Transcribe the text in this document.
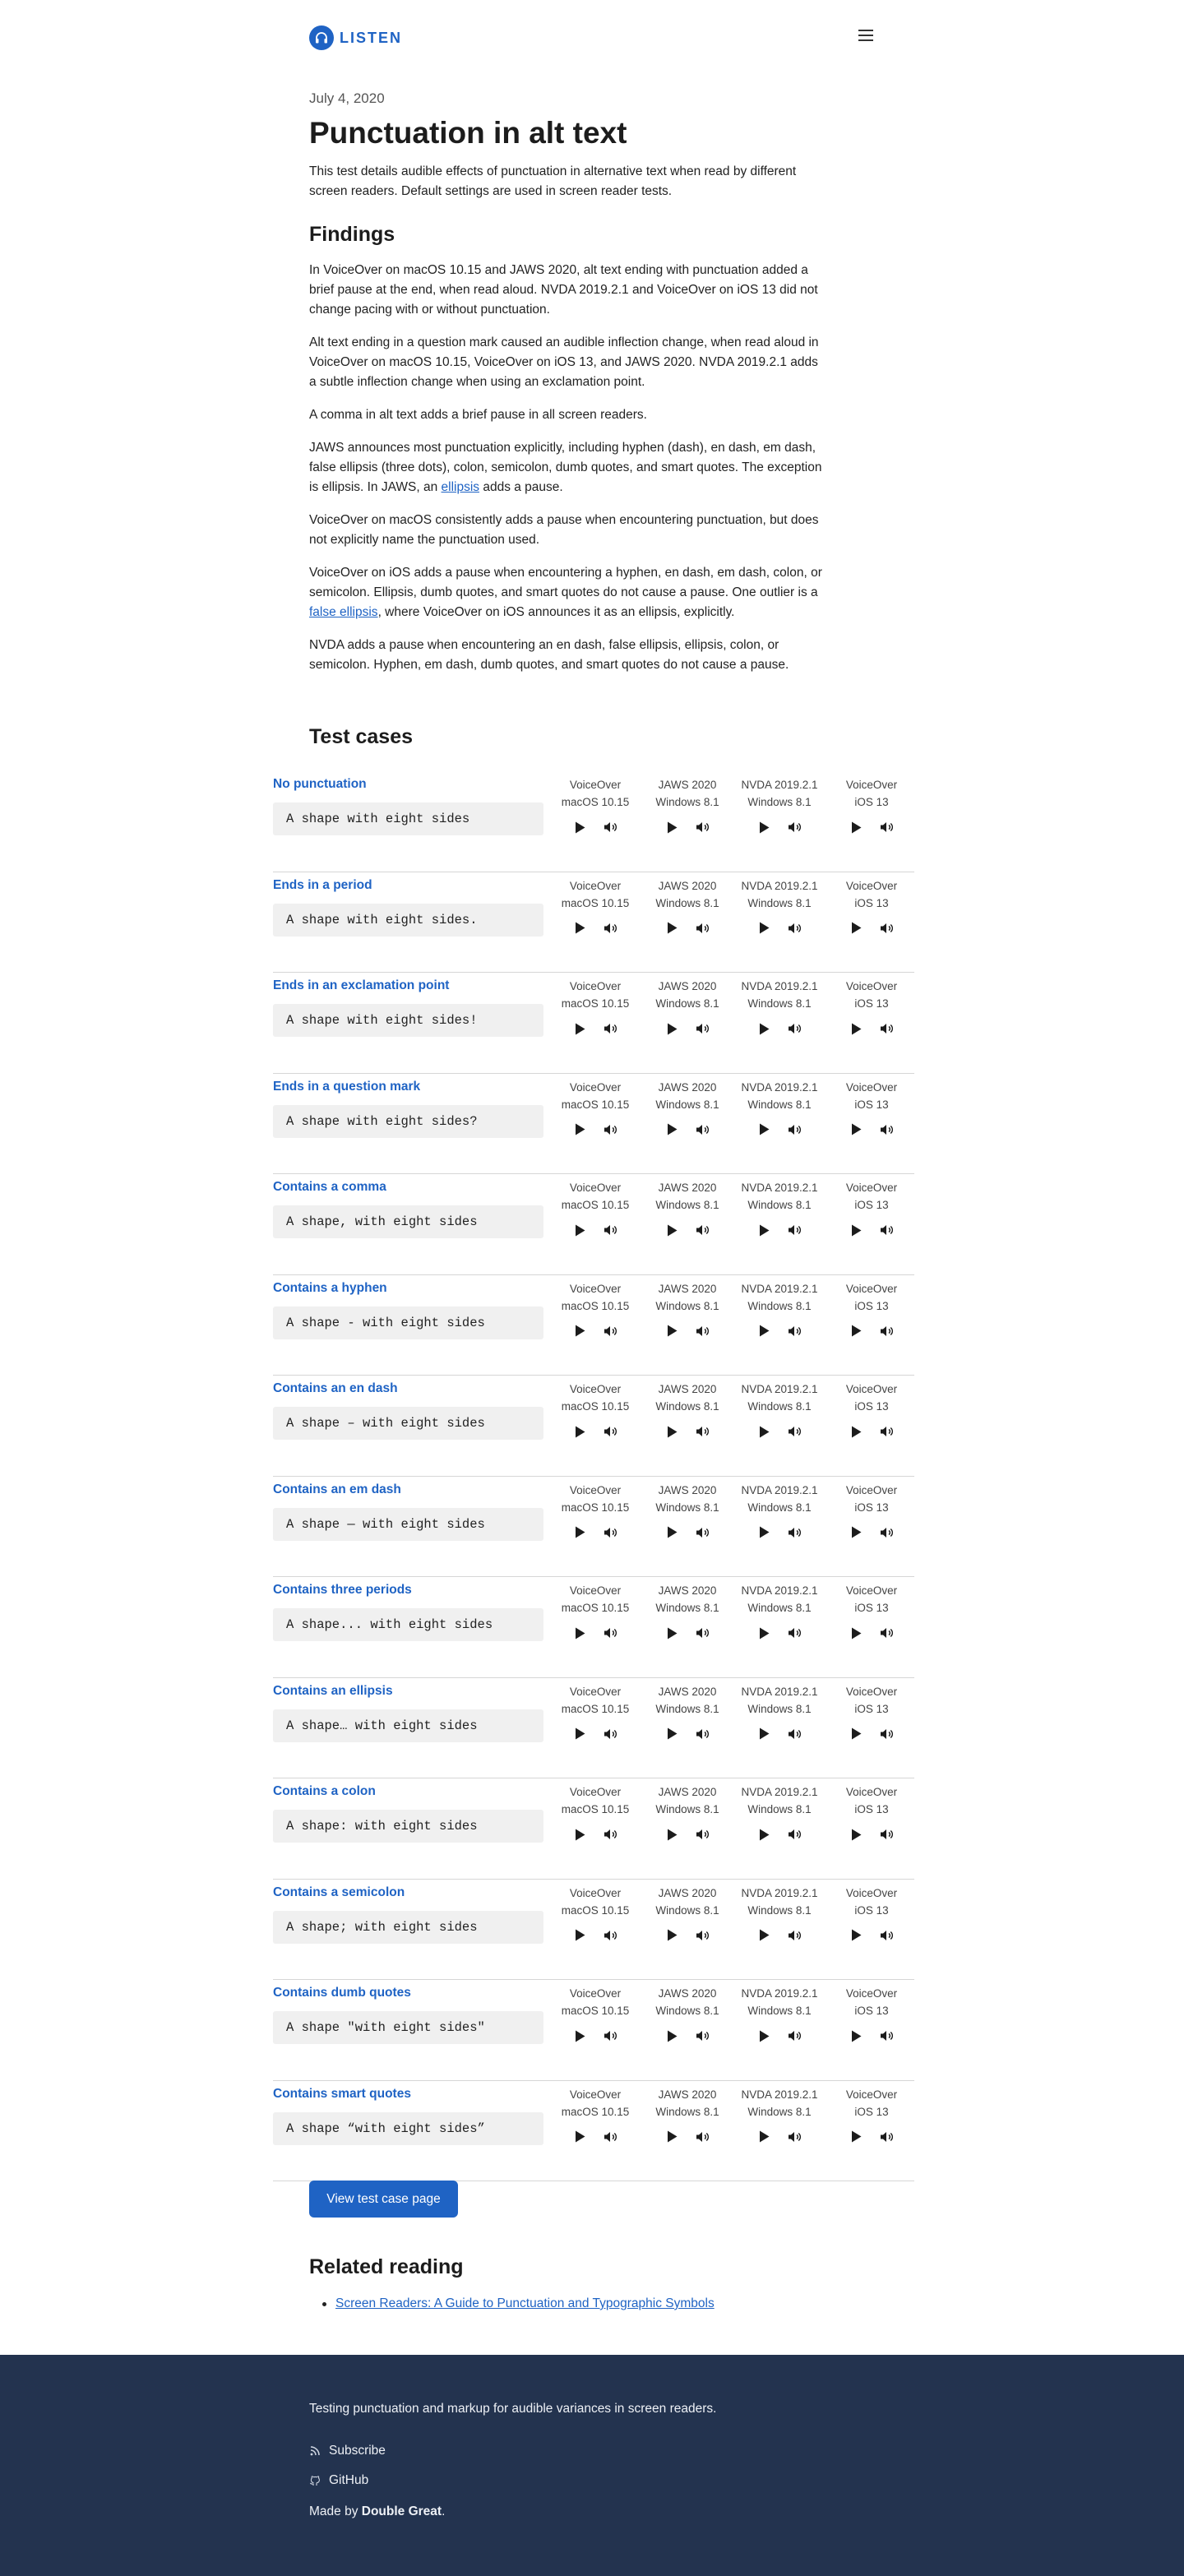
LISTEN

July 4, 2020

Punctuation in alt text

This test details audible effects of punctuation in alternative text when read by different screen readers. Default settings are used in screen reader tests.

Findings

In VoiceOver on macOS 10.15 and JAWS 2020, alt text ending with punctuation added a brief pause at the end, when read aloud. NVDA 2019.2.1 and VoiceOver on iOS 13 did not change pacing with or without punctuation.

Alt text ending in a question mark caused an audible inflection change, when read aloud in VoiceOver on macOS 10.15, VoiceOver on iOS 13, and JAWS 2020. NVDA 2019.2.1 adds a subtle inflection change when using an exclamation point.

A comma in alt text adds a brief pause in all screen readers.

JAWS announces most punctuation explicitly, including hyphen (dash), en dash, em dash, false ellipsis (three dots), colon, semicolon, dumb quotes, and smart quotes. The exception is ellipsis. In JAWS, an ellipsis adds a pause.

VoiceOver on macOS consistently adds a pause when encountering punctuation, but does not explicitly name the punctuation used.

VoiceOver on iOS adds a pause when encountering a hyphen, en dash, em dash, colon, or semicolon. Ellipsis, dumb quotes, and smart quotes do not cause a pause. One outlier is a false ellipsis, where VoiceOver on iOS announces it as an ellipsis, explicitly.

NVDA adds a pause when encountering an en dash, false ellipsis, ellipsis, colon, or semicolon. Hyphen, em dash, dumb quotes, and smart quotes do not cause a pause.

Test cases
No punctuation
A shape with eight sides
VoiceOver
macOS 10.15
JAWS 2020
Windows 8.1
NVDA 2019.2.1
Windows 8.1
VoiceOver
iOS 13
Ends in a period
A shape with eight sides.
VoiceOver
macOS 10.15
JAWS 2020
Windows 8.1
NVDA 2019.2.1
Windows 8.1
VoiceOver
iOS 13
Ends in an exclamation point
A shape with eight sides!
VoiceOver
macOS 10.15
JAWS 2020
Windows 8.1
NVDA 2019.2.1
Windows 8.1
VoiceOver
iOS 13
Ends in a question mark
A shape with eight sides?
VoiceOver
macOS 10.15
JAWS 2020
Windows 8.1
NVDA 2019.2.1
Windows 8.1
VoiceOver
iOS 13
Contains a comma
A shape, with eight sides
VoiceOver
macOS 10.15
JAWS 2020
Windows 8.1
NVDA 2019.2.1
Windows 8.1
VoiceOver
iOS 13
Contains a hyphen
A shape - with eight sides
VoiceOver
macOS 10.15
JAWS 2020
Windows 8.1
NVDA 2019.2.1
Windows 8.1
VoiceOver
iOS 13
Contains an en dash
A shape – with eight sides
VoiceOver
macOS 10.15
JAWS 2020
Windows 8.1
NVDA 2019.2.1
Windows 8.1
VoiceOver
iOS 13
Contains an em dash
A shape — with eight sides
VoiceOver
macOS 10.15
JAWS 2020
Windows 8.1
NVDA 2019.2.1
Windows 8.1
VoiceOver
iOS 13
Contains three periods
A shape... with eight sides
VoiceOver
macOS 10.15
JAWS 2020
Windows 8.1
NVDA 2019.2.1
Windows 8.1
VoiceOver
iOS 13
Contains an ellipsis
A shape… with eight sides
VoiceOver
macOS 10.15
JAWS 2020
Windows 8.1
NVDA 2019.2.1
Windows 8.1
VoiceOver
iOS 13
Contains a colon
A shape: with eight sides
VoiceOver
macOS 10.15
JAWS 2020
Windows 8.1
NVDA 2019.2.1
Windows 8.1
VoiceOver
iOS 13
Contains a semicolon
A shape; with eight sides
VoiceOver
macOS 10.15
JAWS 2020
Windows 8.1
NVDA 2019.2.1
Windows 8.1
VoiceOver
iOS 13
Contains dumb quotes
A shape "with eight sides"
VoiceOver
macOS 10.15
JAWS 2020
Windows 8.1
NVDA 2019.2.1
Windows 8.1
VoiceOver
iOS 13
Contains smart quotes
A shape “with eight sides”
VoiceOver
macOS 10.15
JAWS 2020
Windows 8.1
NVDA 2019.2.1
Windows 8.1
VoiceOver
iOS 13
View test case page
Related reading
Screen Readers: A Guide to Punctuation and Typographic Symbols

Testing punctuation and markup for audible variances in screen readers.

Subscribe
GitHub

Made by Double Great.
